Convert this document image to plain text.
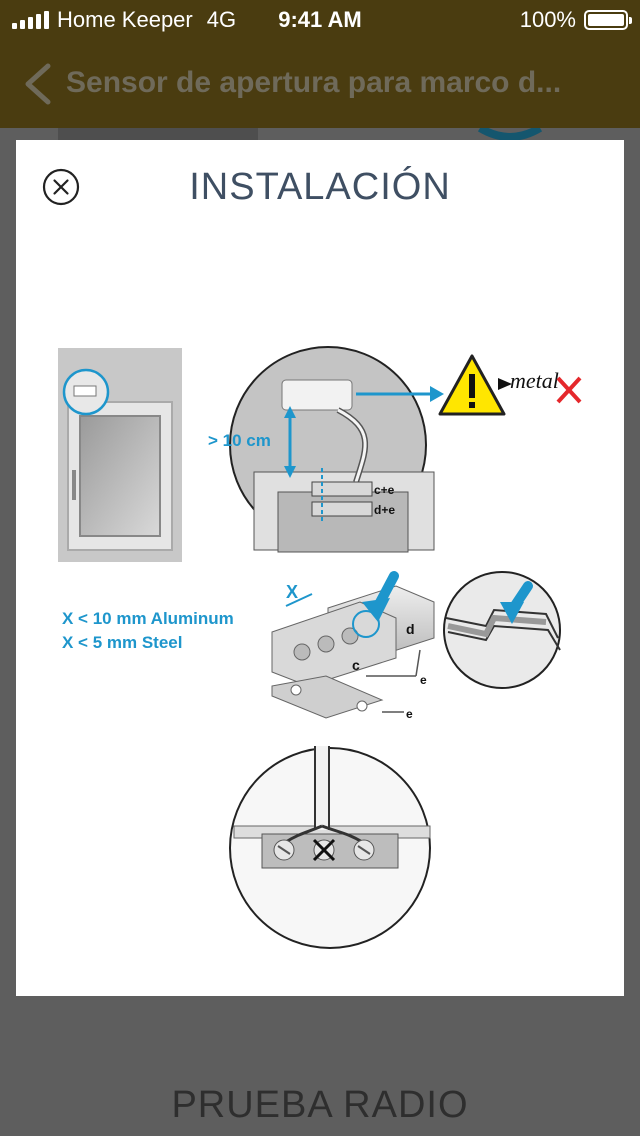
Home Keeper 4G	9:41 AM	100%
Sensor de apertura para marco d...
INSTALACIÓN
> 10 cm
c+e
d+e
metal
X
X < 10 mm Aluminum
X < 5 mm Steel
c
d
e
e
PRUEBA RADIO
